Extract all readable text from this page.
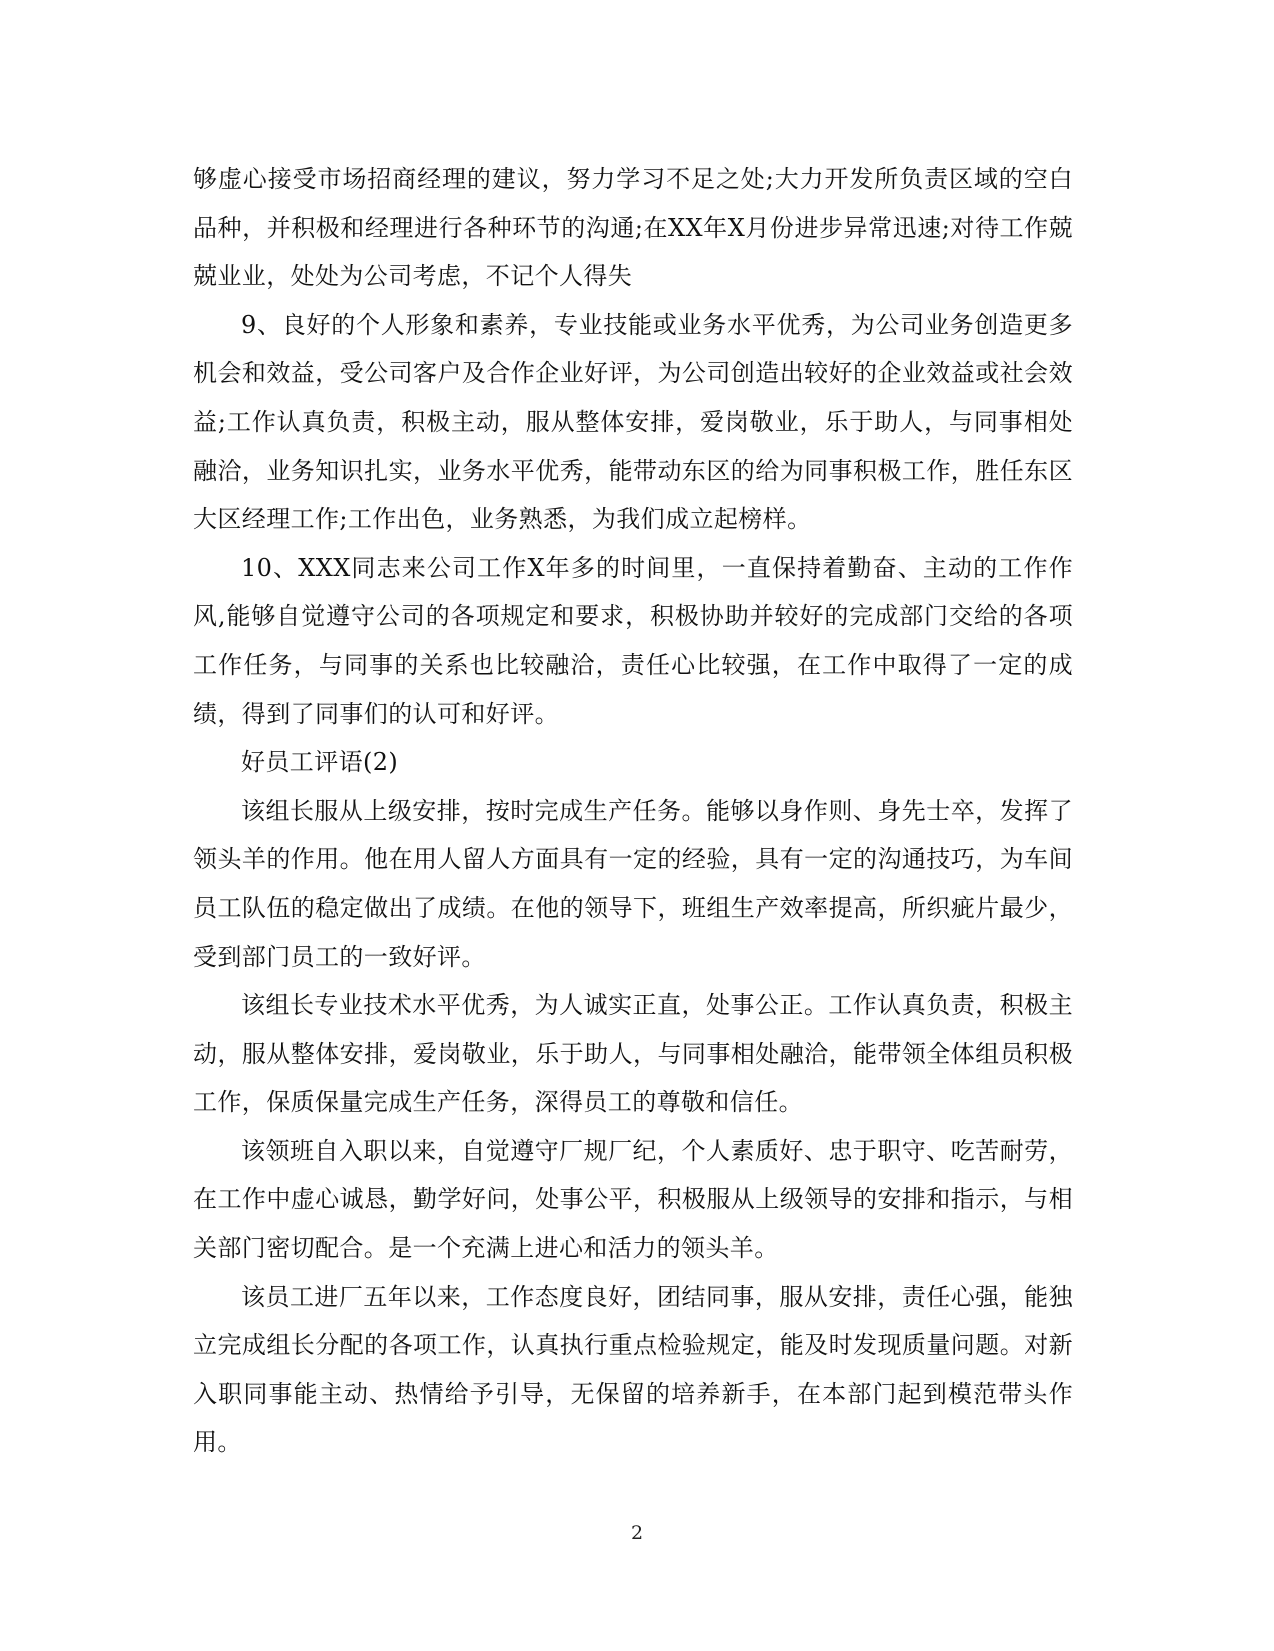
够虚心接受市场招商经理的建议，努力学习不足之处;大力开发所负责区域的空白品种，并积极和经理进行各种环节的沟通;在XX年X月份进步异常迅速;对待工作兢兢业业，处处为公司考虑，不记个人得失

9、良好的个人形象和素养，专业技能或业务水平优秀，为公司业务创造更多机会和效益，受公司客户及合作企业好评，为公司创造出较好的企业效益或社会效益;工作认真负责，积极主动，服从整体安排，爱岗敬业，乐于助人，与同事相处融洽，业务知识扎实，业务水平优秀，能带动东区的给为同事积极工作，胜任东区大区经理工作;工作出色，业务熟悉，为我们成立起榜样。

10、XXX同志来公司工作X年多的时间里，一直保持着勤奋、主动的工作作风,能够自觉遵守公司的各项规定和要求，积极协助并较好的完成部门交给的各项工作任务，与同事的关系也比较融洽，责任心比较强，在工作中取得了一定的成绩，得到了同事们的认可和好评。

好员工评语(2)

该组长服从上级安排，按时完成生产任务。能够以身作则、身先士卒，发挥了领头羊的作用。他在用人留人方面具有一定的经验，具有一定的沟通技巧，为车间员工队伍的稳定做出了成绩。在他的领导下，班组生产效率提高，所织疵片最少，受到部门员工的一致好评。

该组长专业技术水平优秀，为人诚实正直，处事公正。工作认真负责，积极主动，服从整体安排，爱岗敬业，乐于助人，与同事相处融洽，能带领全体组员积极工作，保质保量完成生产任务，深得员工的尊敬和信任。

该领班自入职以来，自觉遵守厂规厂纪，个人素质好、忠于职守、吃苦耐劳，在工作中虚心诚恳，勤学好问，处事公平，积极服从上级领导的安排和指示，与相关部门密切配合。是一个充满上进心和活力的领头羊。

该员工进厂五年以来，工作态度良好，团结同事，服从安排，责任心强，能独立完成组长分配的各项工作，认真执行重点检验规定，能及时发现质量问题。对新入职同事能主动、热情给予引导，无保留的培养新手，在本部门起到模范带头作用。

2
